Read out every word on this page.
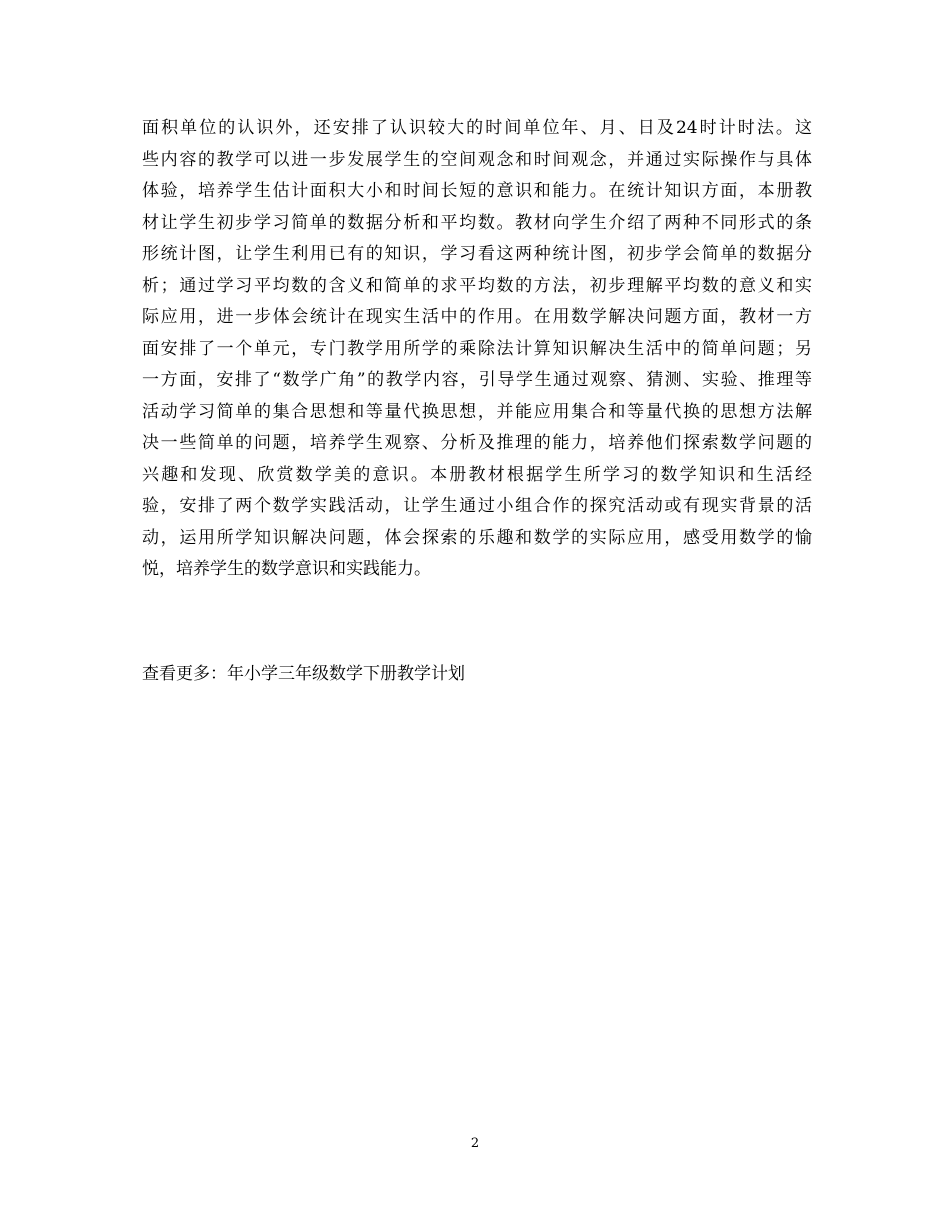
面积单位的认识外，还安排了认识较大的时间单位年、月、日及24时计时法。这
些内容的教学可以进一步发展学生的空间观念和时间观念，并通过实际操作与具体
体验，培养学生估计面积大小和时间长短的意识和能力。在统计知识方面，本册教
材让学生初步学习简单的数据分析和平均数。教材向学生介绍了两种不同形式的条
形统计图，让学生利用已有的知识，学习看这两种统计图，初步学会简单的数据分
析；通过学习平均数的含义和简单的求平均数的方法，初步理解平均数的意义和实
际应用，进一步体会统计在现实生活中的作用。在用数学解决问题方面，教材一方
面安排了一个单元，专门教学用所学的乘除法计算知识解决生活中的简单问题；另
一方面，安排了“数学广角”的教学内容，引导学生通过观察、猜测、实验、推理等
活动学习简单的集合思想和等量代换思想，并能应用集合和等量代换的思想方法解
决一些简单的问题，培养学生观察、分析及推理的能力，培养他们探索数学问题的
兴趣和发现、欣赏数学美的意识。本册教材根据学生所学习的数学知识和生活经
验，安排了两个数学实践活动，让学生通过小组合作的探究活动或有现实背景的活
动，运用所学知识解决问题，体会探索的乐趣和数学的实际应用，感受用数学的愉
悦，培养学生的数学意识和实践能力。
查看更多：年小学三年级数学下册教学计划
2
